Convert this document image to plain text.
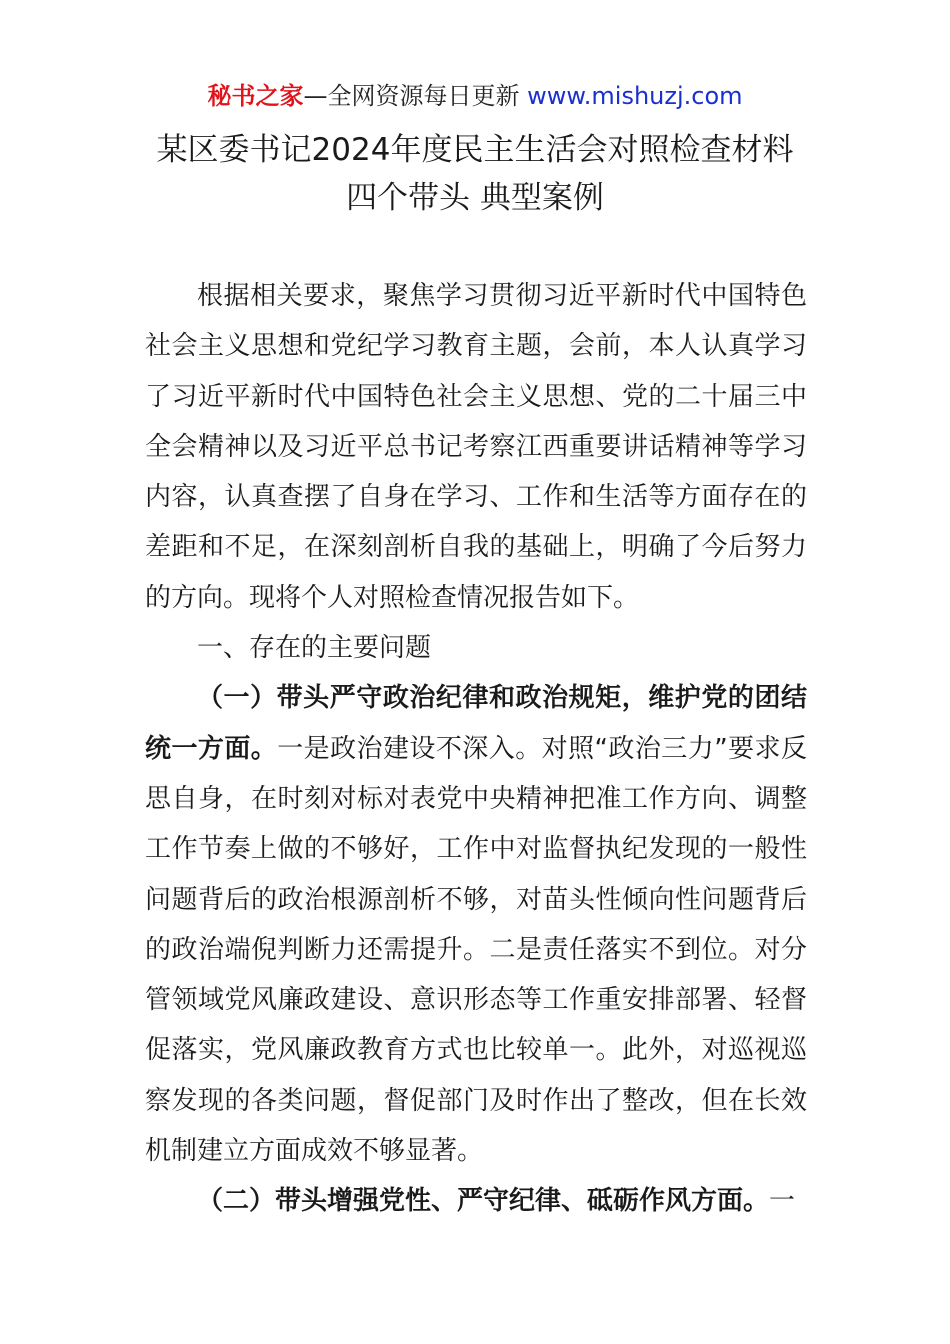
秘书之家—全网资源每日更新 www.mishuzj.com
某区委书记2024年度民主生活会对照检查材料
四个带头 典型案例

根据相关要求，聚焦学习贯彻习近平新时代中国特色社会主义思想和党纪学习教育主题，会前，本人认真学习了习近平新时代中国特色社会主义思想、党的二十届三中全会精神以及习近平总书记考察江西重要讲话精神等学习内容，认真查摆了自身在学习、工作和生活等方面存在的差距和不足，在深刻剖析自我的基础上，明确了今后努力的方向。现将个人对照检查情况报告如下。

一、存在的主要问题

（一）带头严守政治纪律和政治规矩，维护党的团结统一方面。一是政治建设不深入。对照“政治三力”要求反思自身，在时刻对标对表党中央精神把准工作方向、调整工作节奏上做的不够好，工作中对监督执纪发现的一般性问题背后的政治根源剖析不够，对苗头性倾向性问题背后的政治端倪判断力还需提升。二是责任落实不到位。对分管领域党风廉政建设、意识形态等工作重安排部署、轻督促落实，党风廉政教育方式也比较单一。此外，对巡视巡察发现的各类问题，督促部门及时作出了整改，但在长效机制建立方面成效不够显著。

（二）带头增强党性、严守纪律、砥砺作风方面。一
